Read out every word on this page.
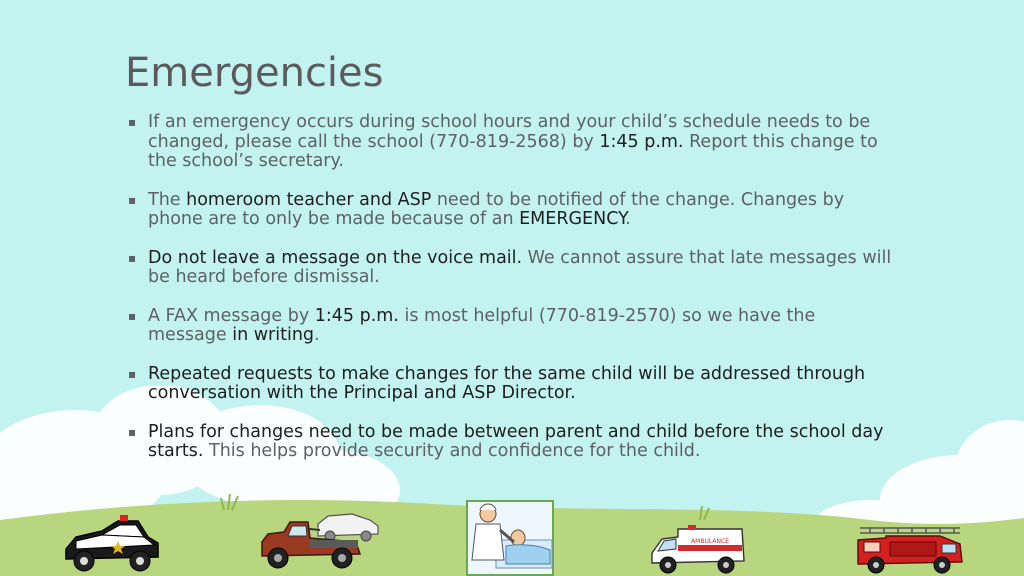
Emergencies
▪ If an emergency occurs during school hours and your child’s schedule needs to be changed, please call the school (770-819-2568) by 1:45 p.m. Report this change to the school’s secretary.
▪ The homeroom teacher and ASP need to be notified of the change. Changes by phone are to only be made because of an EMERGENCY.
▪ Do not leave a message on the voice mail. We cannot assure that late messages will be heard before dismissal.
▪ A FAX message by 1:45 p.m. is most helpful (770-819-2570) so we have the message in writing.
▪ Repeated requests to make changes for the same child will be addressed through conversation with the Principal and ASP Director.
▪ Plans for changes need to be made between parent and child before the school day starts. This helps provide security and confidence for the child.
AMBULANCE
